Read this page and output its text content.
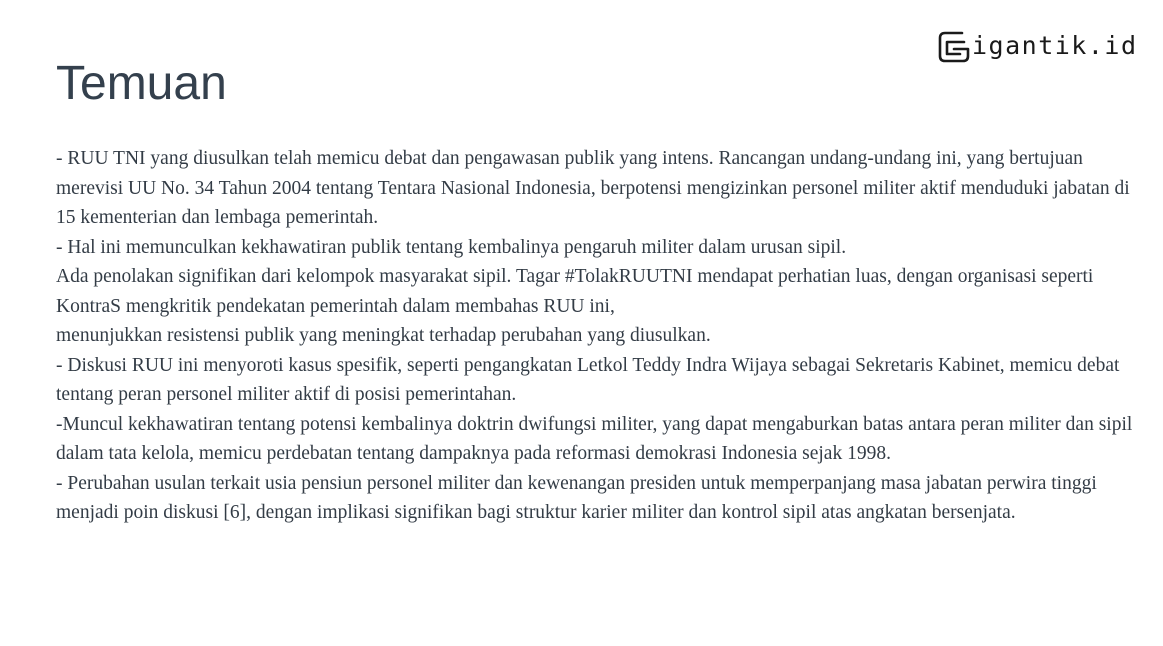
Temuan
igantik.id

- RUU TNI yang diusulkan telah memicu debat dan pengawasan publik yang intens. Rancangan undang-undang ini, yang bertujuan merevisi UU No. 34 Tahun 2004 tentang Tentara Nasional Indonesia, berpotensi mengizinkan personel militer aktif menduduki jabatan di 15 kementerian dan lembaga pemerintah.

- Hal ini memunculkan kekhawatiran publik tentang kembalinya pengaruh militer dalam urusan sipil.

Ada penolakan signifikan dari kelompok masyarakat sipil. Tagar #TolakRUUTNI mendapat perhatian luas, dengan organisasi seperti KontraS mengkritik pendekatan pemerintah dalam membahas RUU ini,

menunjukkan resistensi publik yang meningkat terhadap perubahan yang diusulkan.

- Diskusi RUU ini menyoroti kasus spesifik, seperti pengangkatan Letkol Teddy Indra Wijaya sebagai Sekretaris Kabinet, memicu debat tentang peran personel militer aktif di posisi pemerintahan.

-Muncul kekhawatiran tentang potensi kembalinya doktrin dwifungsi militer, yang dapat mengaburkan batas antara peran militer dan sipil dalam tata kelola, memicu perdebatan tentang dampaknya pada reformasi demokrasi Indonesia sejak 1998.

- Perubahan usulan terkait usia pensiun personel militer dan kewenangan presiden untuk memperpanjang masa jabatan perwira tinggi menjadi poin diskusi [6], dengan implikasi signifikan bagi struktur karier militer dan kontrol sipil atas angkatan bersenjata.
